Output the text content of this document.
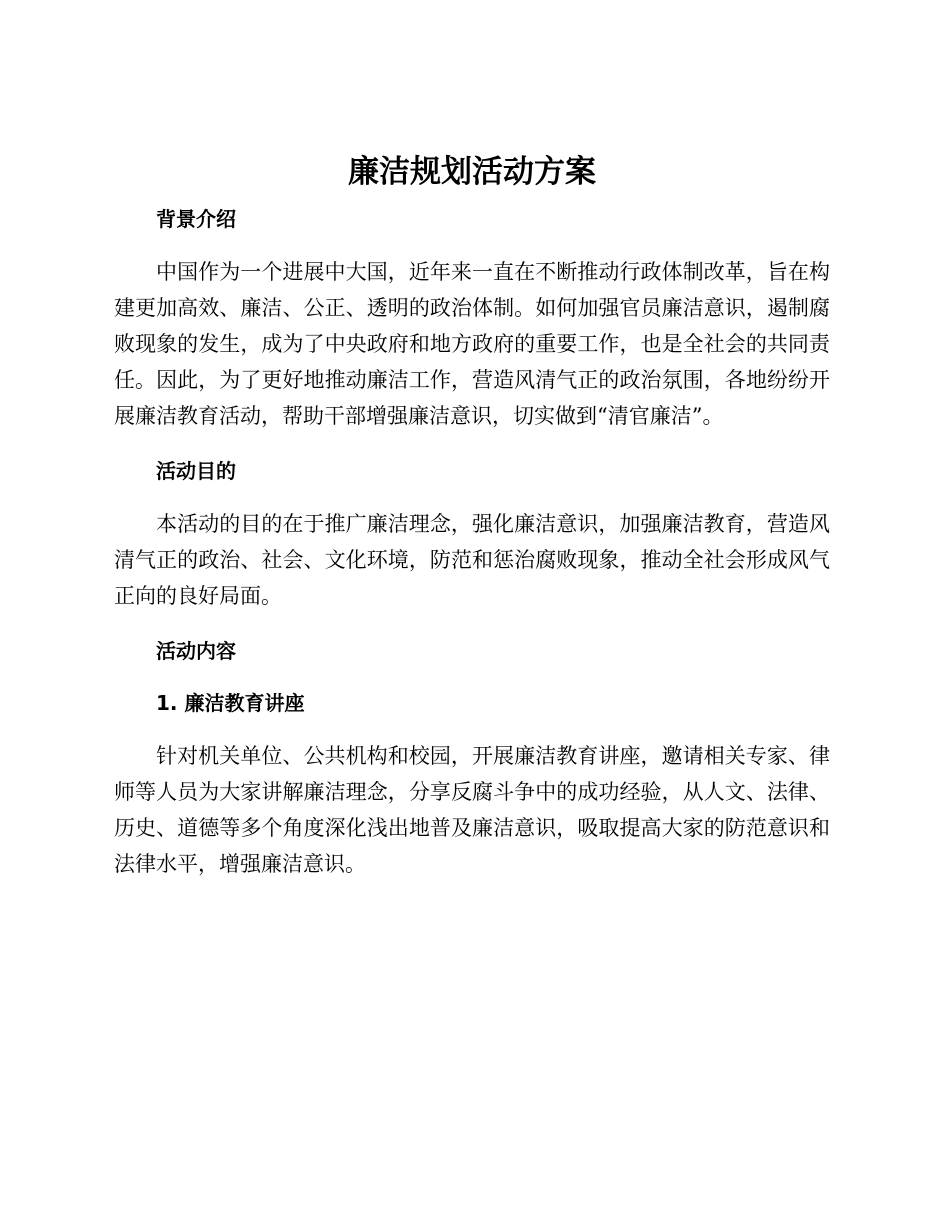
廉洁规划活动方案
背景介绍

中国作为一个进展中大国，近年来一直在不断推动行政体制改革，旨在构建更加高效、廉洁、公正、透明的政治体制。如何加强官员廉洁意识，遏制腐败现象的发生，成为了中央政府和地方政府的重要工作，也是全社会的共同责任。因此，为了更好地推动廉洁工作，营造风清气正的政治氛围，各地纷纷开展廉洁教育活动，帮助干部增强廉洁意识，切实做到“清官廉洁”。

活动目的

本活动的目的在于推广廉洁理念，强化廉洁意识，加强廉洁教育，营造风清气正的政治、社会、文化环境，防范和惩治腐败现象，推动全社会形成风气正向的良好局面。

活动内容
1. 廉洁教育讲座

针对机关单位、公共机构和校园，开展廉洁教育讲座，邀请相关专家、律师等人员为大家讲解廉洁理念，分享反腐斗争中的成功经验，从人文、法律、历史、道德等多个角度深化浅出地普及廉洁意识，吸取提高大家的防范意识和法律水平，增强廉洁意识。
